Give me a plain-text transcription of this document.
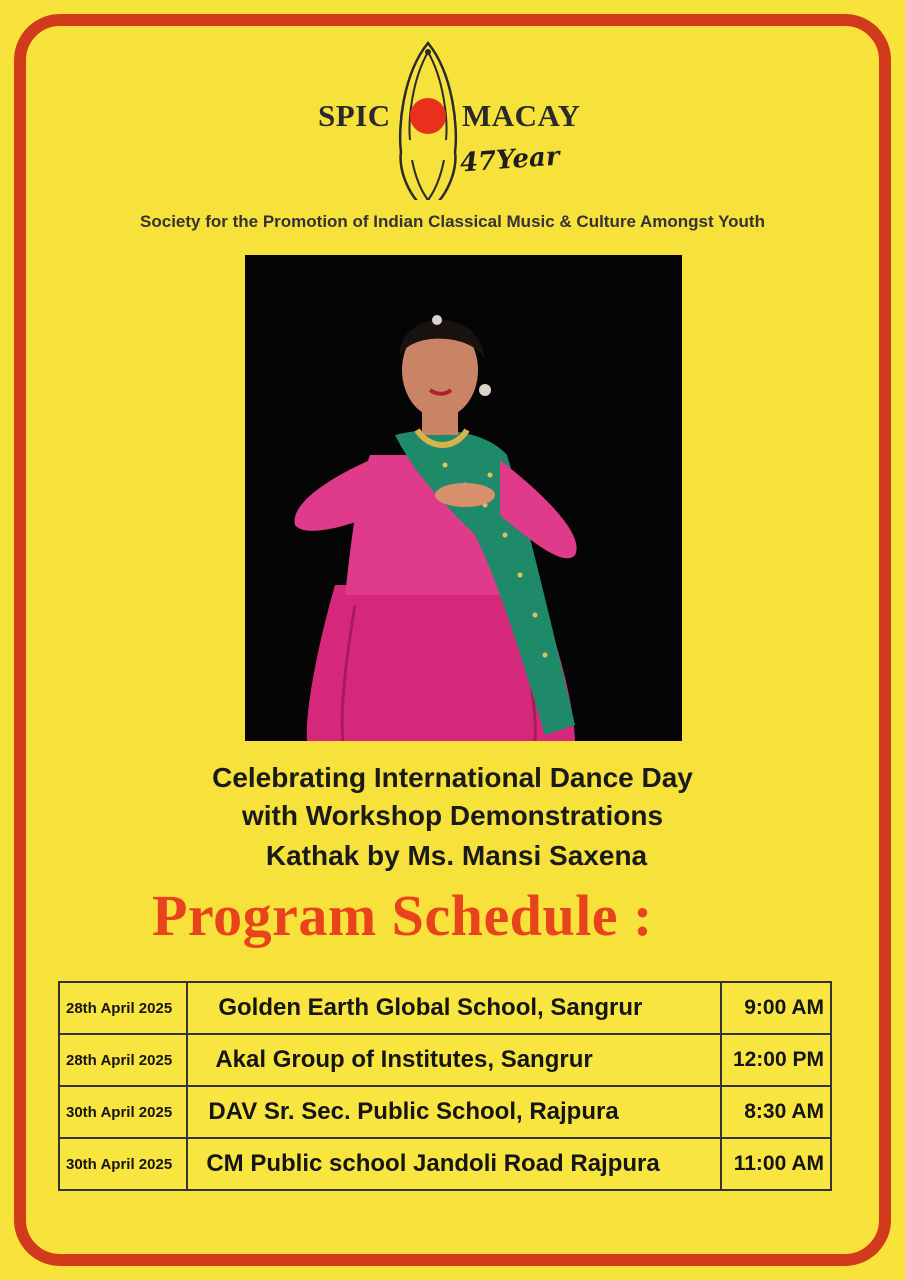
SPIC MACAY
47Year
Society for the Promotion of Indian Classical Music & Culture Amongst Youth
Celebrating International Dance Day
with Workshop Demonstrations
Kathak by Ms. Mansi Saxena
Program Schedule :
28th April 2025	Golden Earth Global School, Sangrur	9:00 AM
28th April 2025	Akal Group of Institutes, Sangrur	12:00 PM
30th April 2025	DAV Sr. Sec. Public School, Rajpura	8:30 AM
30th April 2025	CM Public school Jandoli Road Rajpura	11:00 AM
